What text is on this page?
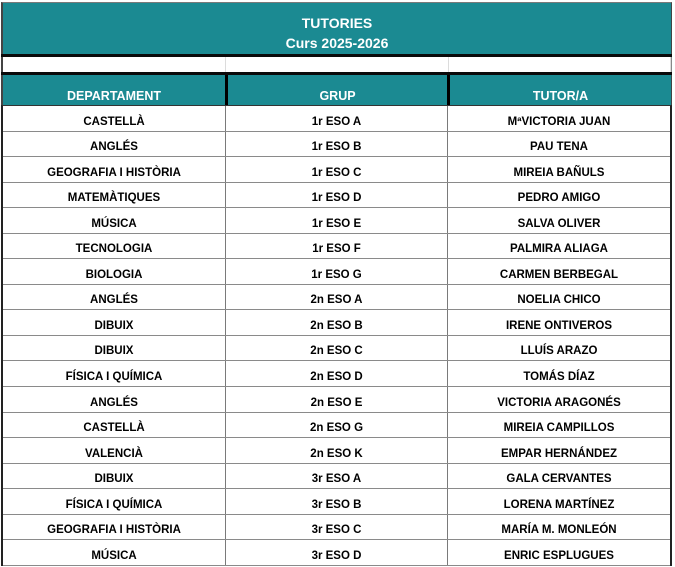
TUTORIES
Curs 2025-2026
DEPARTAMENT	GRUP	TUTOR/A
CASTELLÀ	1r ESO A	MªVICTORIA JUAN
ANGLÉS	1r ESO B	PAU TENA
GEOGRAFIA I HISTÒRIA	1r ESO C	MIREIA BAÑULS
MATEMÀTIQUES	1r ESO D	PEDRO AMIGO
MÚSICA	1r ESO E	SALVA OLIVER
TECNOLOGIA	1r ESO F	PALMIRA ALIAGA
BIOLOGIA	1r ESO G	CARMEN BERBEGAL
ANGLÉS	2n ESO A	NOELIA CHICO
DIBUIX	2n ESO B	IRENE ONTIVEROS
DIBUIX	2n ESO C	LLUÍS ARAZO
FÍSICA I QUÍMICA	2n ESO D	TOMÁS DÍAZ
ANGLÉS	2n ESO E	VICTORIA ARAGONÉS
CASTELLÀ	2n ESO G	MIREIA CAMPILLOS
VALENCIÀ	2n ESO K	EMPAR HERNÁNDEZ
DIBUIX	3r ESO A	GALA CERVANTES
FÍSICA I QUÍMICA	3r ESO B	LORENA MARTÍNEZ
GEOGRAFIA I HISTÒRIA	3r ESO C	MARÍA M. MONLEÓN
MÚSICA	3r ESO D	ENRIC ESPLUGUES
